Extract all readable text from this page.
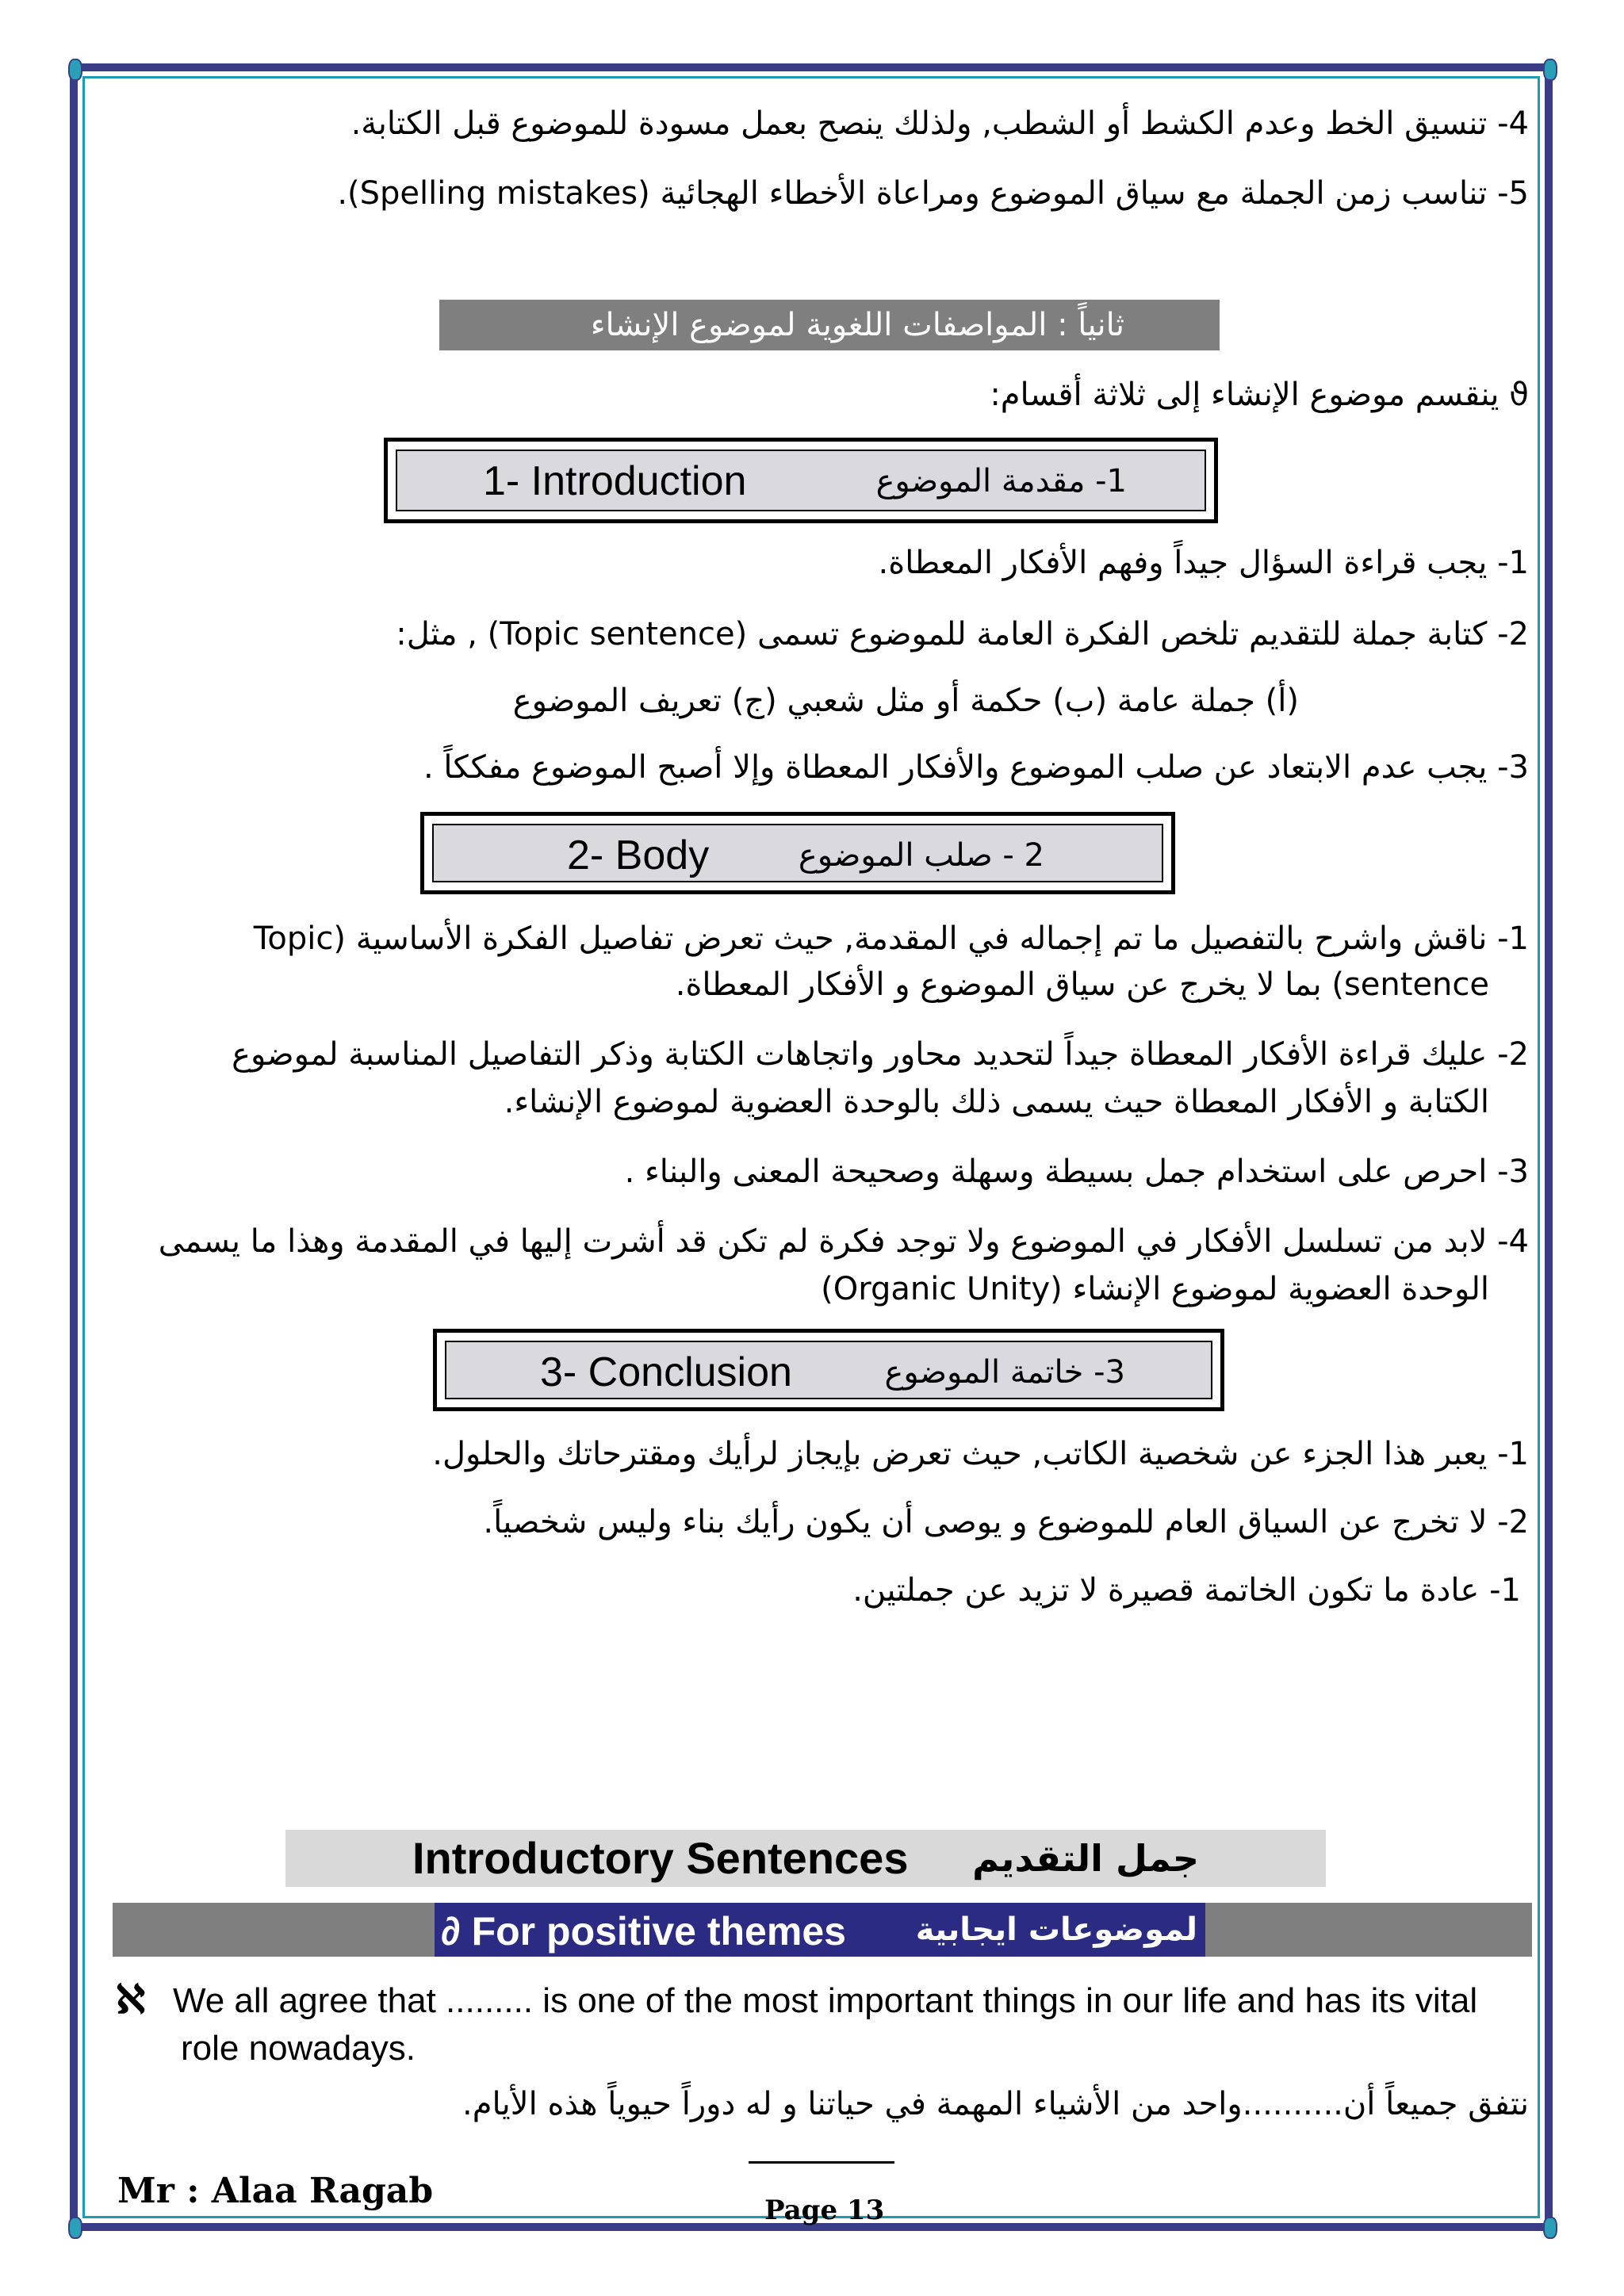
4- تنسيق الخط وعدم الكشط أو الشطب, ولذلك ينصح بعمل مسودة للموضوع قبل الكتابة.
5- تناسب زمن الجملة مع سياق الموضوع ومراعاة الأخطاء الهجائية (Spelling mistakes).
ثانياً : المواصفات اللغوية لموضوع الإنشاء
ϑ ينقسم موضوع الإنشاء إلى ثلاثة أقسام:
1- Introduction	1- مقدمة الموضوع
1- يجب قراءة السؤال جيداً وفهم الأفكار المعطاة.
2- كتابة جملة للتقديم تلخص الفكرة العامة للموضوع تسمى (Topic sentence) , مثل:
(أ) جملة عامة (ب) حكمة أو مثل شعبي (ج) تعريف الموضوع
3- يجب عدم الابتعاد عن صلب الموضوع والأفكار المعطاة وإلا أصبح الموضوع مفككاً .
2- Body	2 - صلب الموضوع
1- ناقش واشرح بالتفصيل ما تم إجماله في المقدمة, حيث تعرض تفاصيل الفكرة الأساسية (Topic
sentence) بما لا يخرج عن سياق الموضوع و الأفكار المعطاة.
2- عليك قراءة الأفكار المعطاة جيداً لتحديد محاور واتجاهات الكتابة وذكر التفاصيل المناسبة لموضوع
الكتابة و الأفكار المعطاة حيث يسمى ذلك بالوحدة العضوية لموضوع الإنشاء.
3- احرص على استخدام جمل بسيطة وسهلة وصحيحة المعنى والبناء .
4- لابد من تسلسل الأفكار في الموضوع ولا توجد فكرة لم تكن قد أشرت إليها في المقدمة وهذا ما يسمى
الوحدة العضوية لموضوع الإنشاء (Organic Unity)
3- Conclusion	3- خاتمة الموضوع
1- يعبر هذا الجزء عن شخصية الكاتب, حيث تعرض بإيجاز لرأيك ومقترحاتك والحلول.
2- لا تخرج عن السياق العام للموضوع و يوصى أن يكون رأيك بناء وليس شخصياً.
1- عادة ما تكون الخاتمة قصيرة لا تزيد عن جملتين.
Introductory Sentences جمل التقديم
∂ For positive themes لموضوعات ايجابية
ℵ We all agree that ......... is one of the most important things in our life and has its vital
role nowadays.
نتفق جميعاً أن..........واحد من الأشياء المهمة في حياتنا و له دوراً حيوياً هذه الأيام.
Mr : Alaa Ragab	Page 13
